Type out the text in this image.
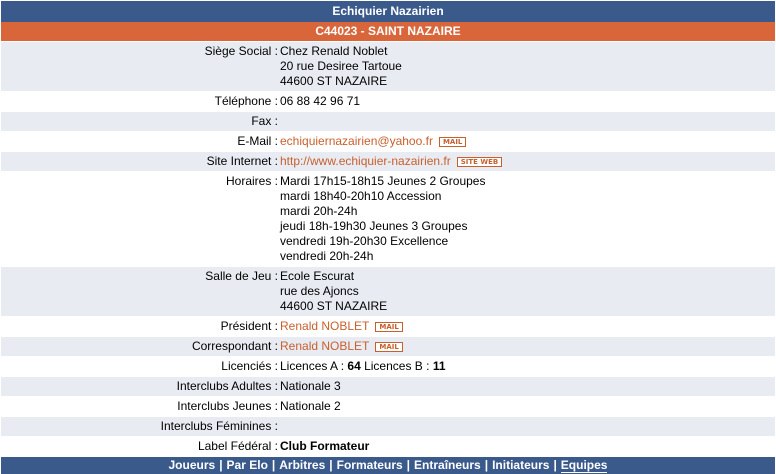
Echiquier Nazairien
C44023 - SAINT NAZAIRE
Siège Social : Chez Renald Noblet
20 rue Desiree Tartoue
44600 ST NAZAIRE
Téléphone : 06 88 42 96 71
Fax :
E-Mail : echiquiernazairien@yahoo.fr MAIL
Site Internet : http://www.echiquier-nazairien.fr SITE WEB
Horaires : Mardi 17h15-18h15 Jeunes 2 Groupes
mardi 18h40-20h10 Accession
mardi 20h-24h
jeudi 18h-19h30 Jeunes 3 Groupes
vendredi 19h-20h30 Excellence
vendredi 20h-24h
Salle de Jeu : Ecole Escurat
rue des Ajoncs
44600 ST NAZAIRE
Président : Renald NOBLET MAIL
Correspondant : Renald NOBLET MAIL
Licenciés : Licences A : 64 Licences B : 11
Interclubs Adultes : Nationale 3
Interclubs Jeunes : Nationale 2
Interclubs Féminines :
Label Fédéral : Club Formateur
Joueurs | Par Elo | Arbitres | Formateurs | Entraîneurs | Initiateurs | Equipes
